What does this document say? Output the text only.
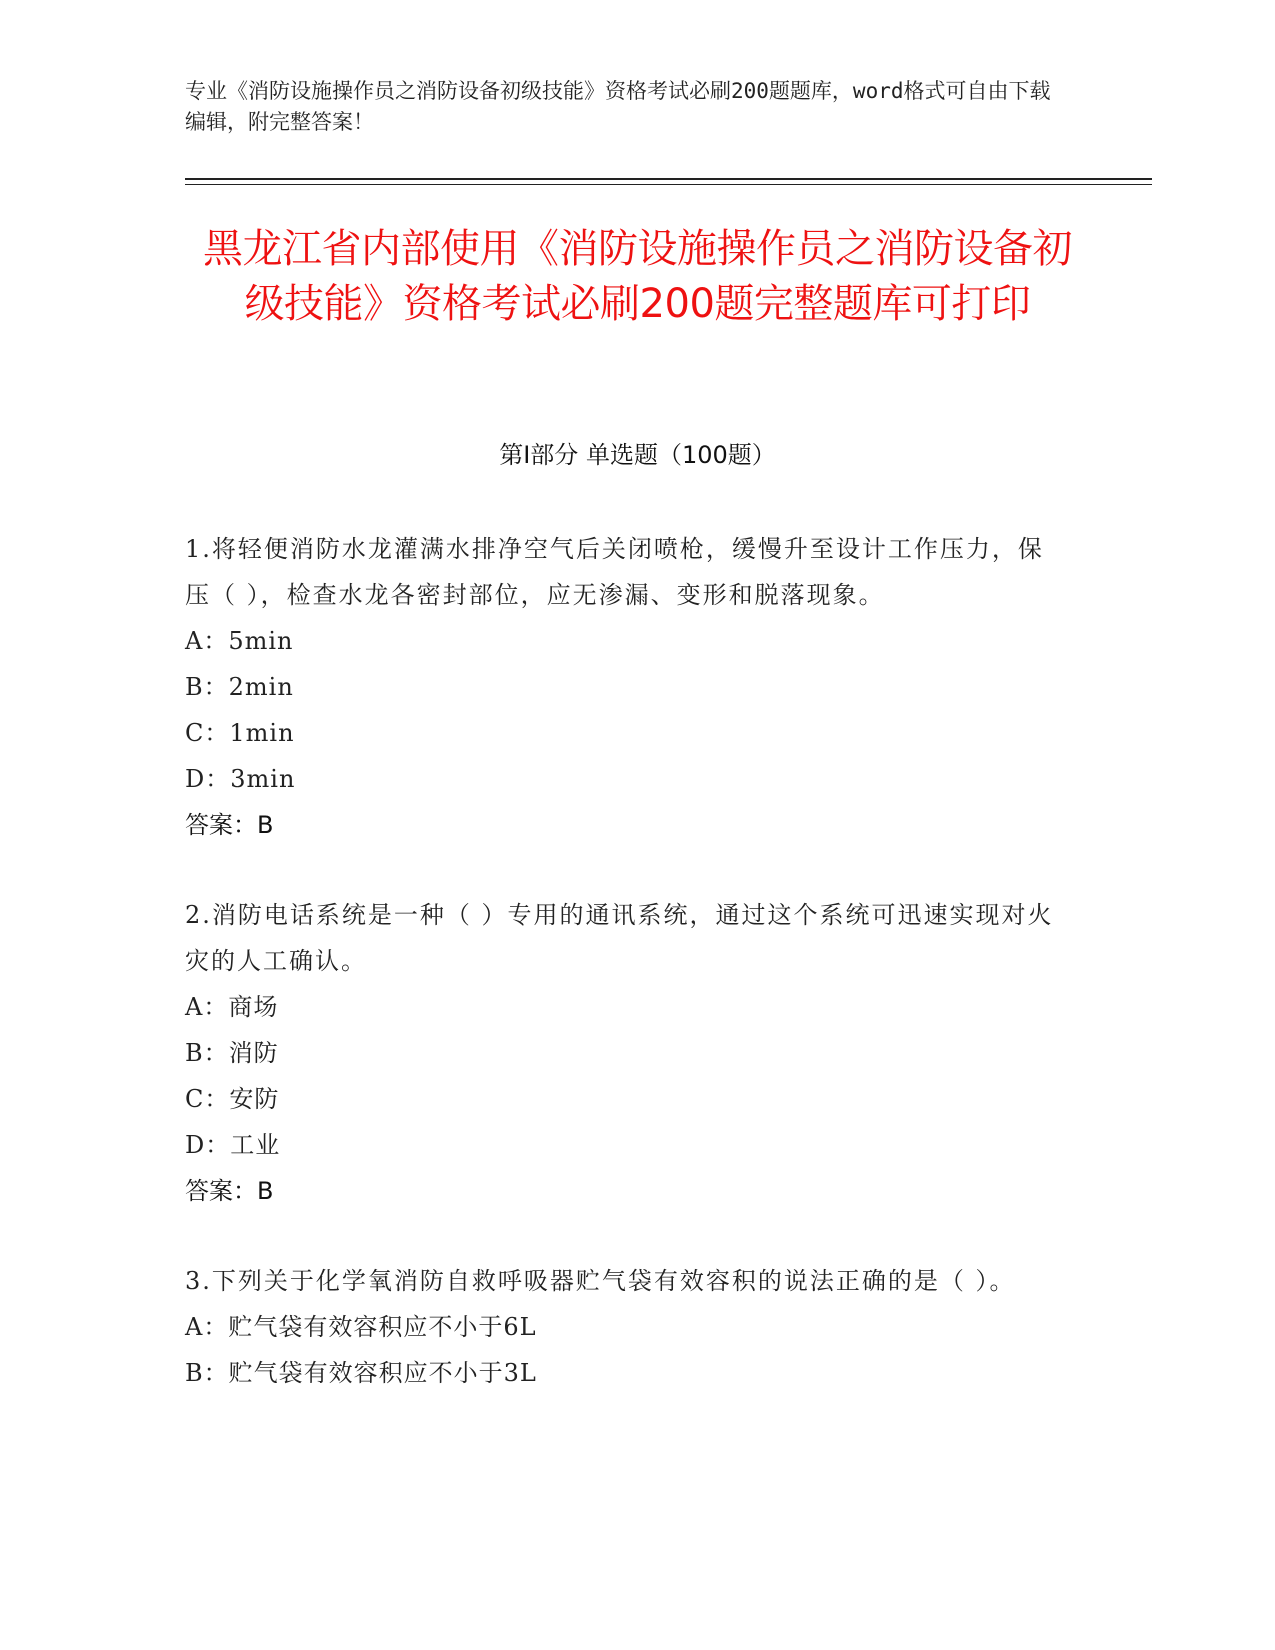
专业《消防设施操作员之消防设备初级技能》资格考试必刷200题题库，word格式可自由下载编辑，附完整答案！
黑龙江省内部使用《消防设施操作员之消防设备初级技能》资格考试必刷200题完整题库可打印
第Ⅰ部分 单选题（100题）
1.将轻便消防水龙灌满水排净空气后关闭喷枪，缓慢升至设计工作压力，保压（ ），检查水龙各密封部位，应无渗漏、变形和脱落现象。
A：5min
B：2min
C：1min
D：3min
答案：B
2.消防电话系统是一种（ ）专用的通讯系统，通过这个系统可迅速实现对火灾的人工确认。
A：商场
B：消防
C：安防
D：工业
答案：B
3.下列关于化学氧消防自救呼吸器贮气袋有效容积的说法正确的是（ ）。
A：贮气袋有效容积应不小于6L
B：贮气袋有效容积应不小于3L
